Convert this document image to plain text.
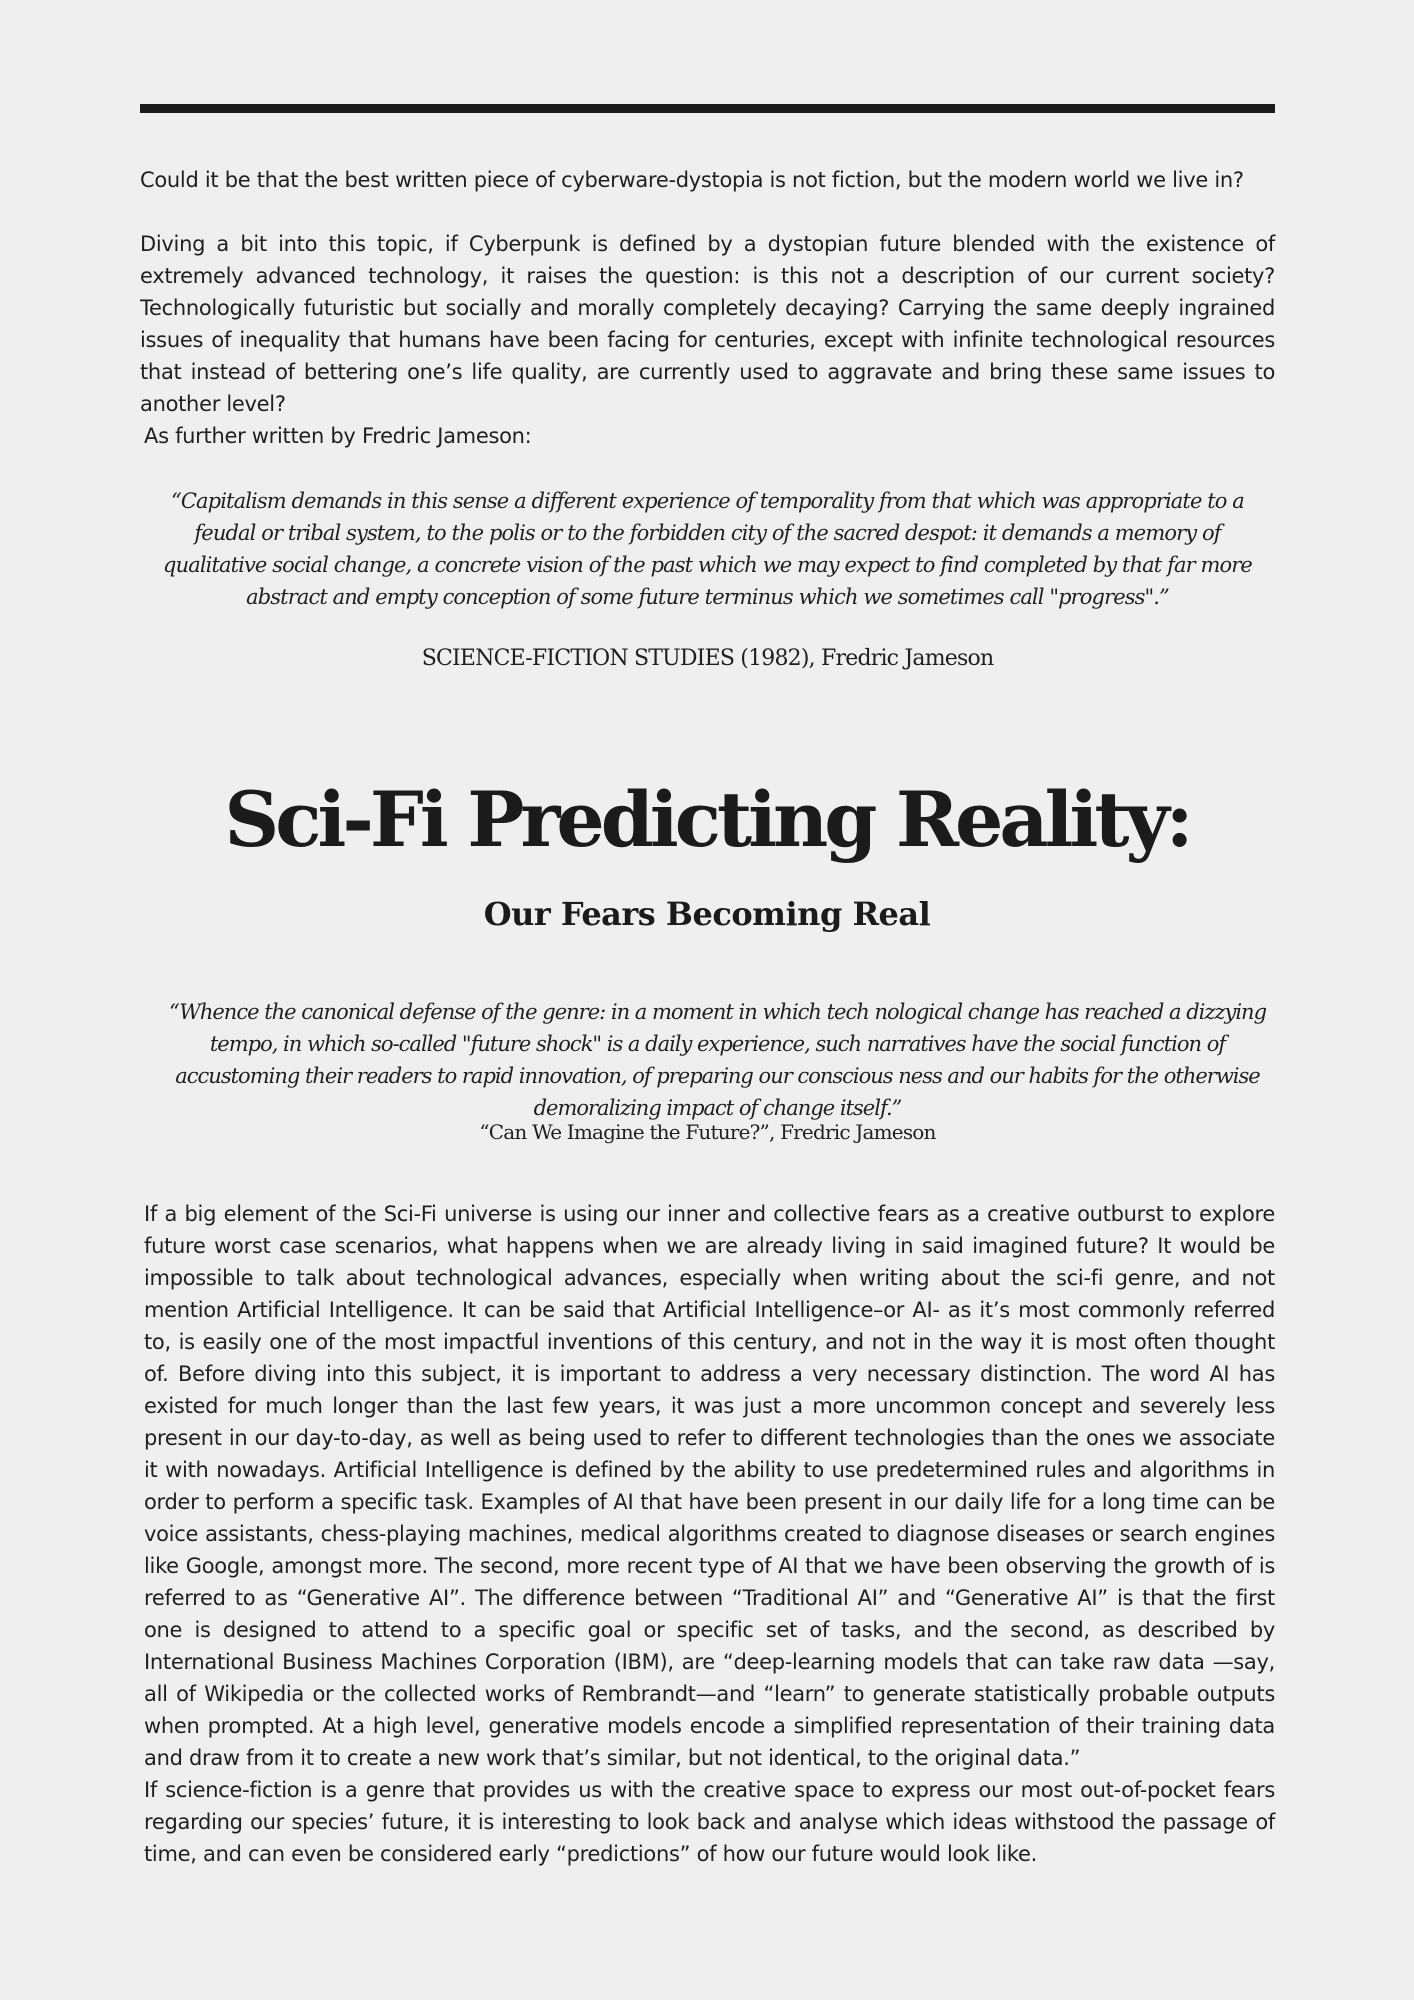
Could it be that the best written piece of cyberware-dystopia is not fiction, but the modern world we live in?

Diving a bit into this topic, if Cyberpunk is defined by a dystopian future blended with the existence of extremely advanced technology, it raises the question: is this not a description of our current society? Technologically futuristic but socially and morally completely decaying? Carrying the same deeply ingrained issues of inequality that humans have been facing for centuries, except with infinite technological resources that instead of bettering one’s life quality, are currently used to aggravate and bring these same issues to another level?

As further written by Fredric Jameson:

“Capitalism demands in this sense a different experience of temporality from that which was appropriate to a feudal or tribal system, to the polis or to the forbidden city of the sacred despot: it demands a memory of qualitative social change, a concrete vision of the past which we may expect to find completed by that far more abstract and empty conception of some future terminus which we sometimes call "progress".”

SCIENCE-FICTION STUDIES (1982), Fredric Jameson

Sci-Fi Predicting Reality:
Our Fears Becoming Real

“Whence the canonical defense of the genre: in a moment in which tech nological change has reached a dizzying tempo, in which so-called "future shock" is a daily experience, such narratives have the social function of accustoming their readers to rapid innovation, of preparing our conscious ness and our habits for the otherwise demoralizing impact of change itself.”

“Can We Imagine the Future?”, Fredric Jameson

If a big element of the Sci-Fi universe is using our inner and collective fears as a creative outburst to explore future worst case scenarios, what happens when we are already living in said imagined future? It would be impossible to talk about technological advances, especially when writing about the sci-fi genre, and not mention Artificial Intelligence. It can be said that Artificial Intelligence–or AI- as it’s most commonly referred to, is easily one of the most impactful inventions of this century, and not in the way it is most often thought of. Before diving into this subject, it is important to address a very necessary distinction. The word AI has existed for much longer than the last few years, it was just a more uncommon concept and severely less present in our day-to-day, as well as being used to refer to different technologies than the ones we associate it with nowadays. Artificial Intelligence is defined by the ability to use predetermined rules and algorithms in order to perform a specific task. Examples of AI that have been present in our daily life for a long time can be voice assistants, chess-playing machines, medical algorithms created to diagnose diseases or search engines like Google, amongst more. The second, more recent type of AI that we have been observing the growth of is referred to as “Generative AI”. The difference between “Traditional AI” and “Generative AI” is that the first one is designed to attend to a specific goal or specific set of tasks, and the second, as described by International Business Machines Corporation (IBM), are “deep-learning models that can take raw data —say, all of Wikipedia or the collected works of Rembrandt—and “learn” to generate statistically probable outputs when prompted. At a high level, generative models encode a simplified representation of their training data and draw from it to create a new work that’s similar, but not identical, to the original data.”

If science-fiction is a genre that provides us with the creative space to express our most out-of-pocket fears regarding our species’ future, it is interesting to look back and analyse which ideas withstood the passage of time, and can even be considered early “predictions” of how our future would look like.
